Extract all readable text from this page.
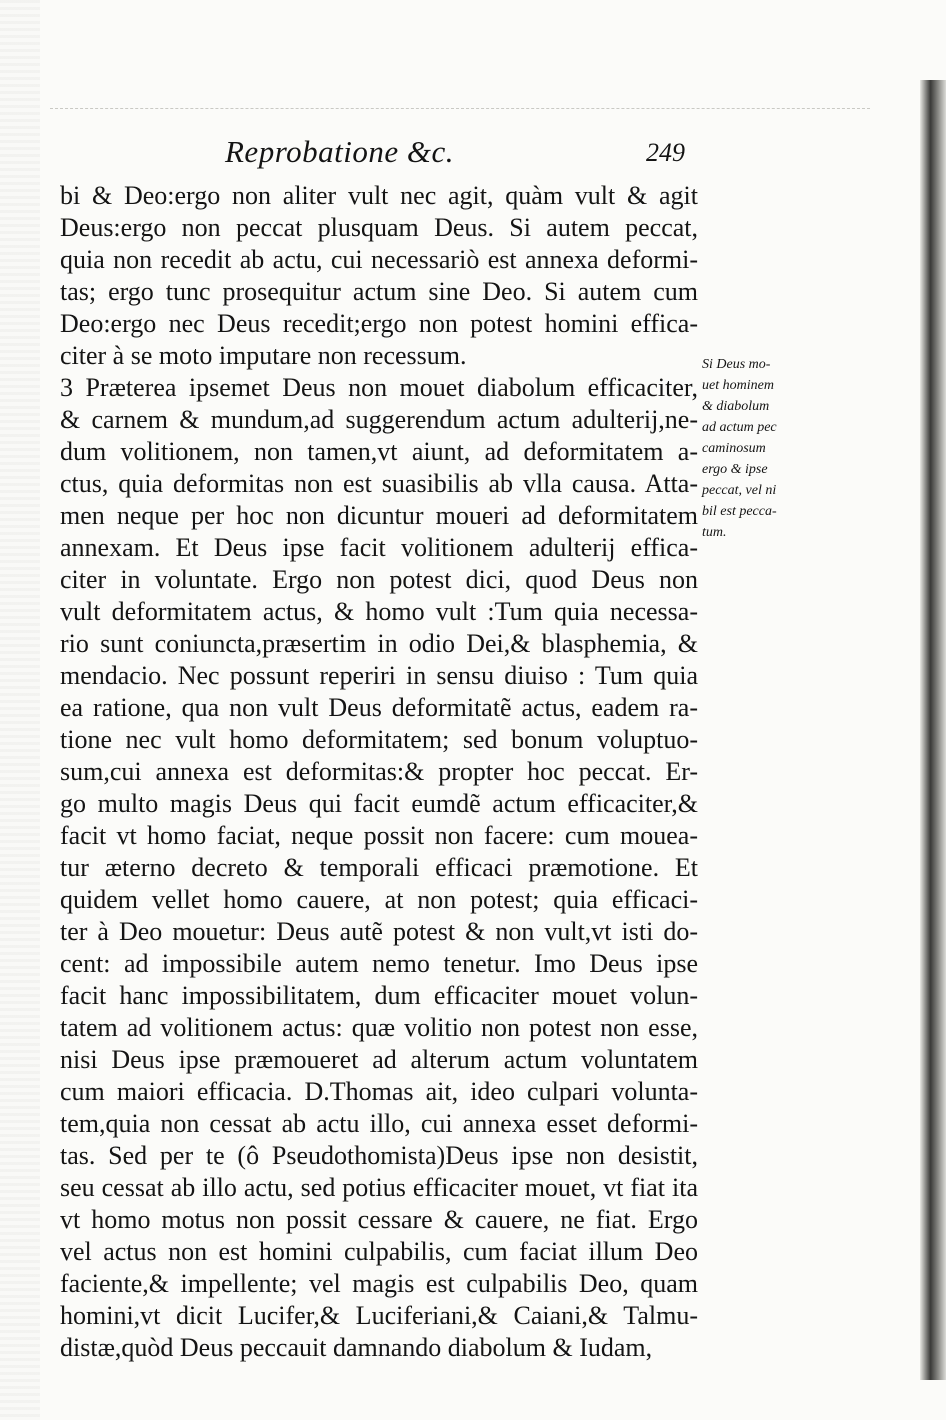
Reprobatione &c.	249
bi & Deo:ergo non aliter vult nec agit, quàm vult & agit
Deus:ergo non peccat plusquam Deus. Si autem peccat,
quia non recedit ab actu, cui necessariò est annexa deformi-
tas; ergo tunc prosequitur actum sine Deo. Si autem cum
Deo:ergo nec Deus recedit;ergo non potest homini effica-
citer à se moto imputare non recessum.
3 Præterea ipsemet Deus non mouet diabolum efficaciter,
& carnem & mundum,ad suggerendum actum adulterij,ne-
dum volitionem, non tamen,vt aiunt, ad deformitatem a-
ctus, quia deformitas non est suasibilis ab vlla causa. Atta-
men neque per hoc non dicuntur moueri ad deformitatem
annexam. Et Deus ipse facit volitionem adulterij effica-
citer in voluntate. Ergo non potest dici, quod Deus non
vult deformitatem actus, & homo vult :Tum quia necessa-
rio sunt coniuncta,præsertim in odio Dei,& blasphemia, &
mendacio. Nec possunt reperiri in sensu diuiso : Tum quia
ea ratione, qua non vult Deus deformitatẽ actus, eadem ra-
tione nec vult homo deformitatem; sed bonum voluptuo-
sum,cui annexa est deformitas:& propter hoc peccat. Er-
go multo magis Deus qui facit eumdẽ actum efficaciter,&
facit vt homo faciat, neque possit non facere: cum mouea-
tur æterno decreto & temporali efficaci præmotione. Et
quidem vellet homo cauere, at non potest; quia efficaci-
ter à Deo mouetur: Deus autẽ potest & non vult,vt isti do-
cent: ad impossibile autem nemo tenetur. Imo Deus ipse
facit hanc impossibilitatem, dum efficaciter mouet volun-
tatem ad volitionem actus: quæ volitio non potest non esse,
nisi Deus ipse præmoueret ad alterum actum voluntatem
cum maiori efficacia. D.Thomas ait, ideo culpari volunta-
tem,quia non cessat ab actu illo, cui annexa esset deformi-
tas. Sed per te (ô Pseudothomista)Deus ipse non desistit,
seu cessat ab illo actu, sed potius efficaciter mouet, vt fiat ita
vt homo motus non possit cessare & cauere, ne fiat. Ergo
vel actus non est homini culpabilis, cum faciat illum Deo
faciente,& impellente; vel magis est culpabilis Deo, quam
homini,vt dicit Lucifer,& Luciferiani,& Caiani,& Talmu-
distæ,quòd Deus peccauit damnando diabolum & Iudam,
Si Deus mo-
uet hominem
& diabolum
ad actum pec
caminosum
ergo & ipse
peccat, vel ni
bil est pecca-
tum.
